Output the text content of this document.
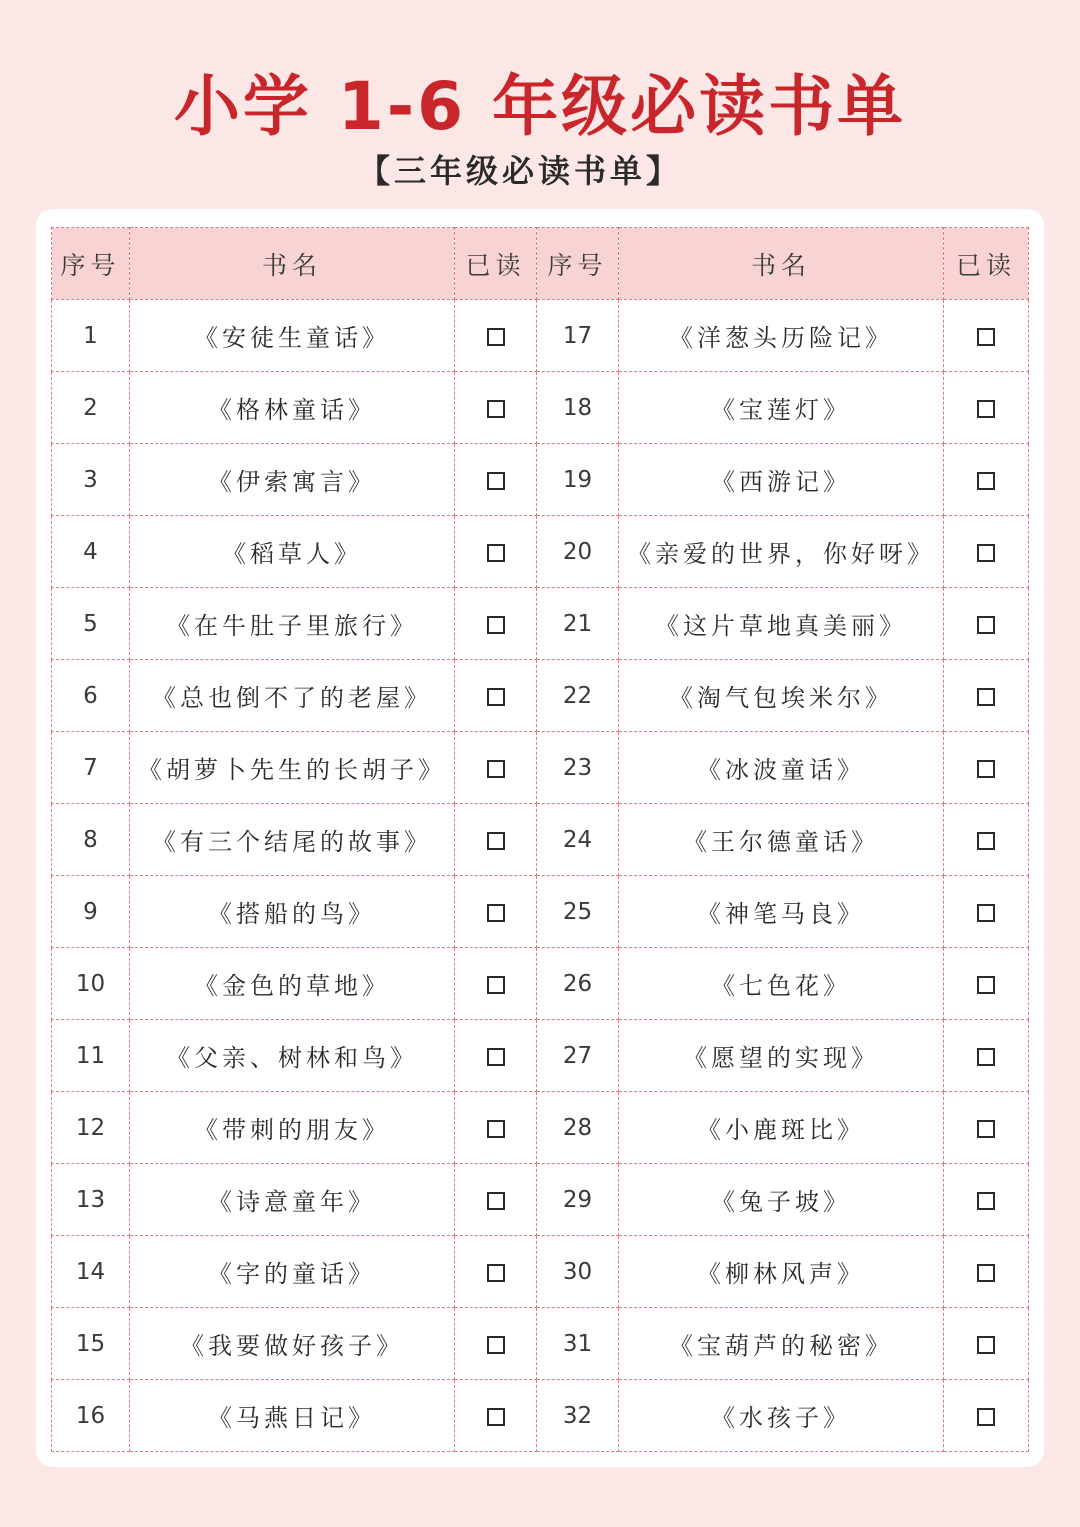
小学 1-6 年级必读书单
【三年级必读书单】
序号	书名	已读	序号	书名	已读
1	《安徒生童话》		17	《洋葱头历险记》	
2	《格林童话》		18	《宝莲灯》	
3	《伊索寓言》		19	《西游记》	
4	《稻草人》		20	《亲爱的世界，你好呀》	
5	《在牛肚子里旅行》		21	《这片草地真美丽》	
6	《总也倒不了的老屋》		22	《淘气包埃米尔》	
7	《胡萝卜先生的长胡子》		23	《冰波童话》	
8	《有三个结尾的故事》		24	《王尔德童话》	
9	《搭船的鸟》		25	《神笔马良》	
10	《金色的草地》		26	《七色花》	
11	《父亲、树林和鸟》		27	《愿望的实现》	
12	《带刺的朋友》		28	《小鹿斑比》	
13	《诗意童年》		29	《兔子坡》	
14	《字的童话》		30	《柳林风声》	
15	《我要做好孩子》		31	《宝葫芦的秘密》	
16	《马燕日记》		32	《水孩子》	
